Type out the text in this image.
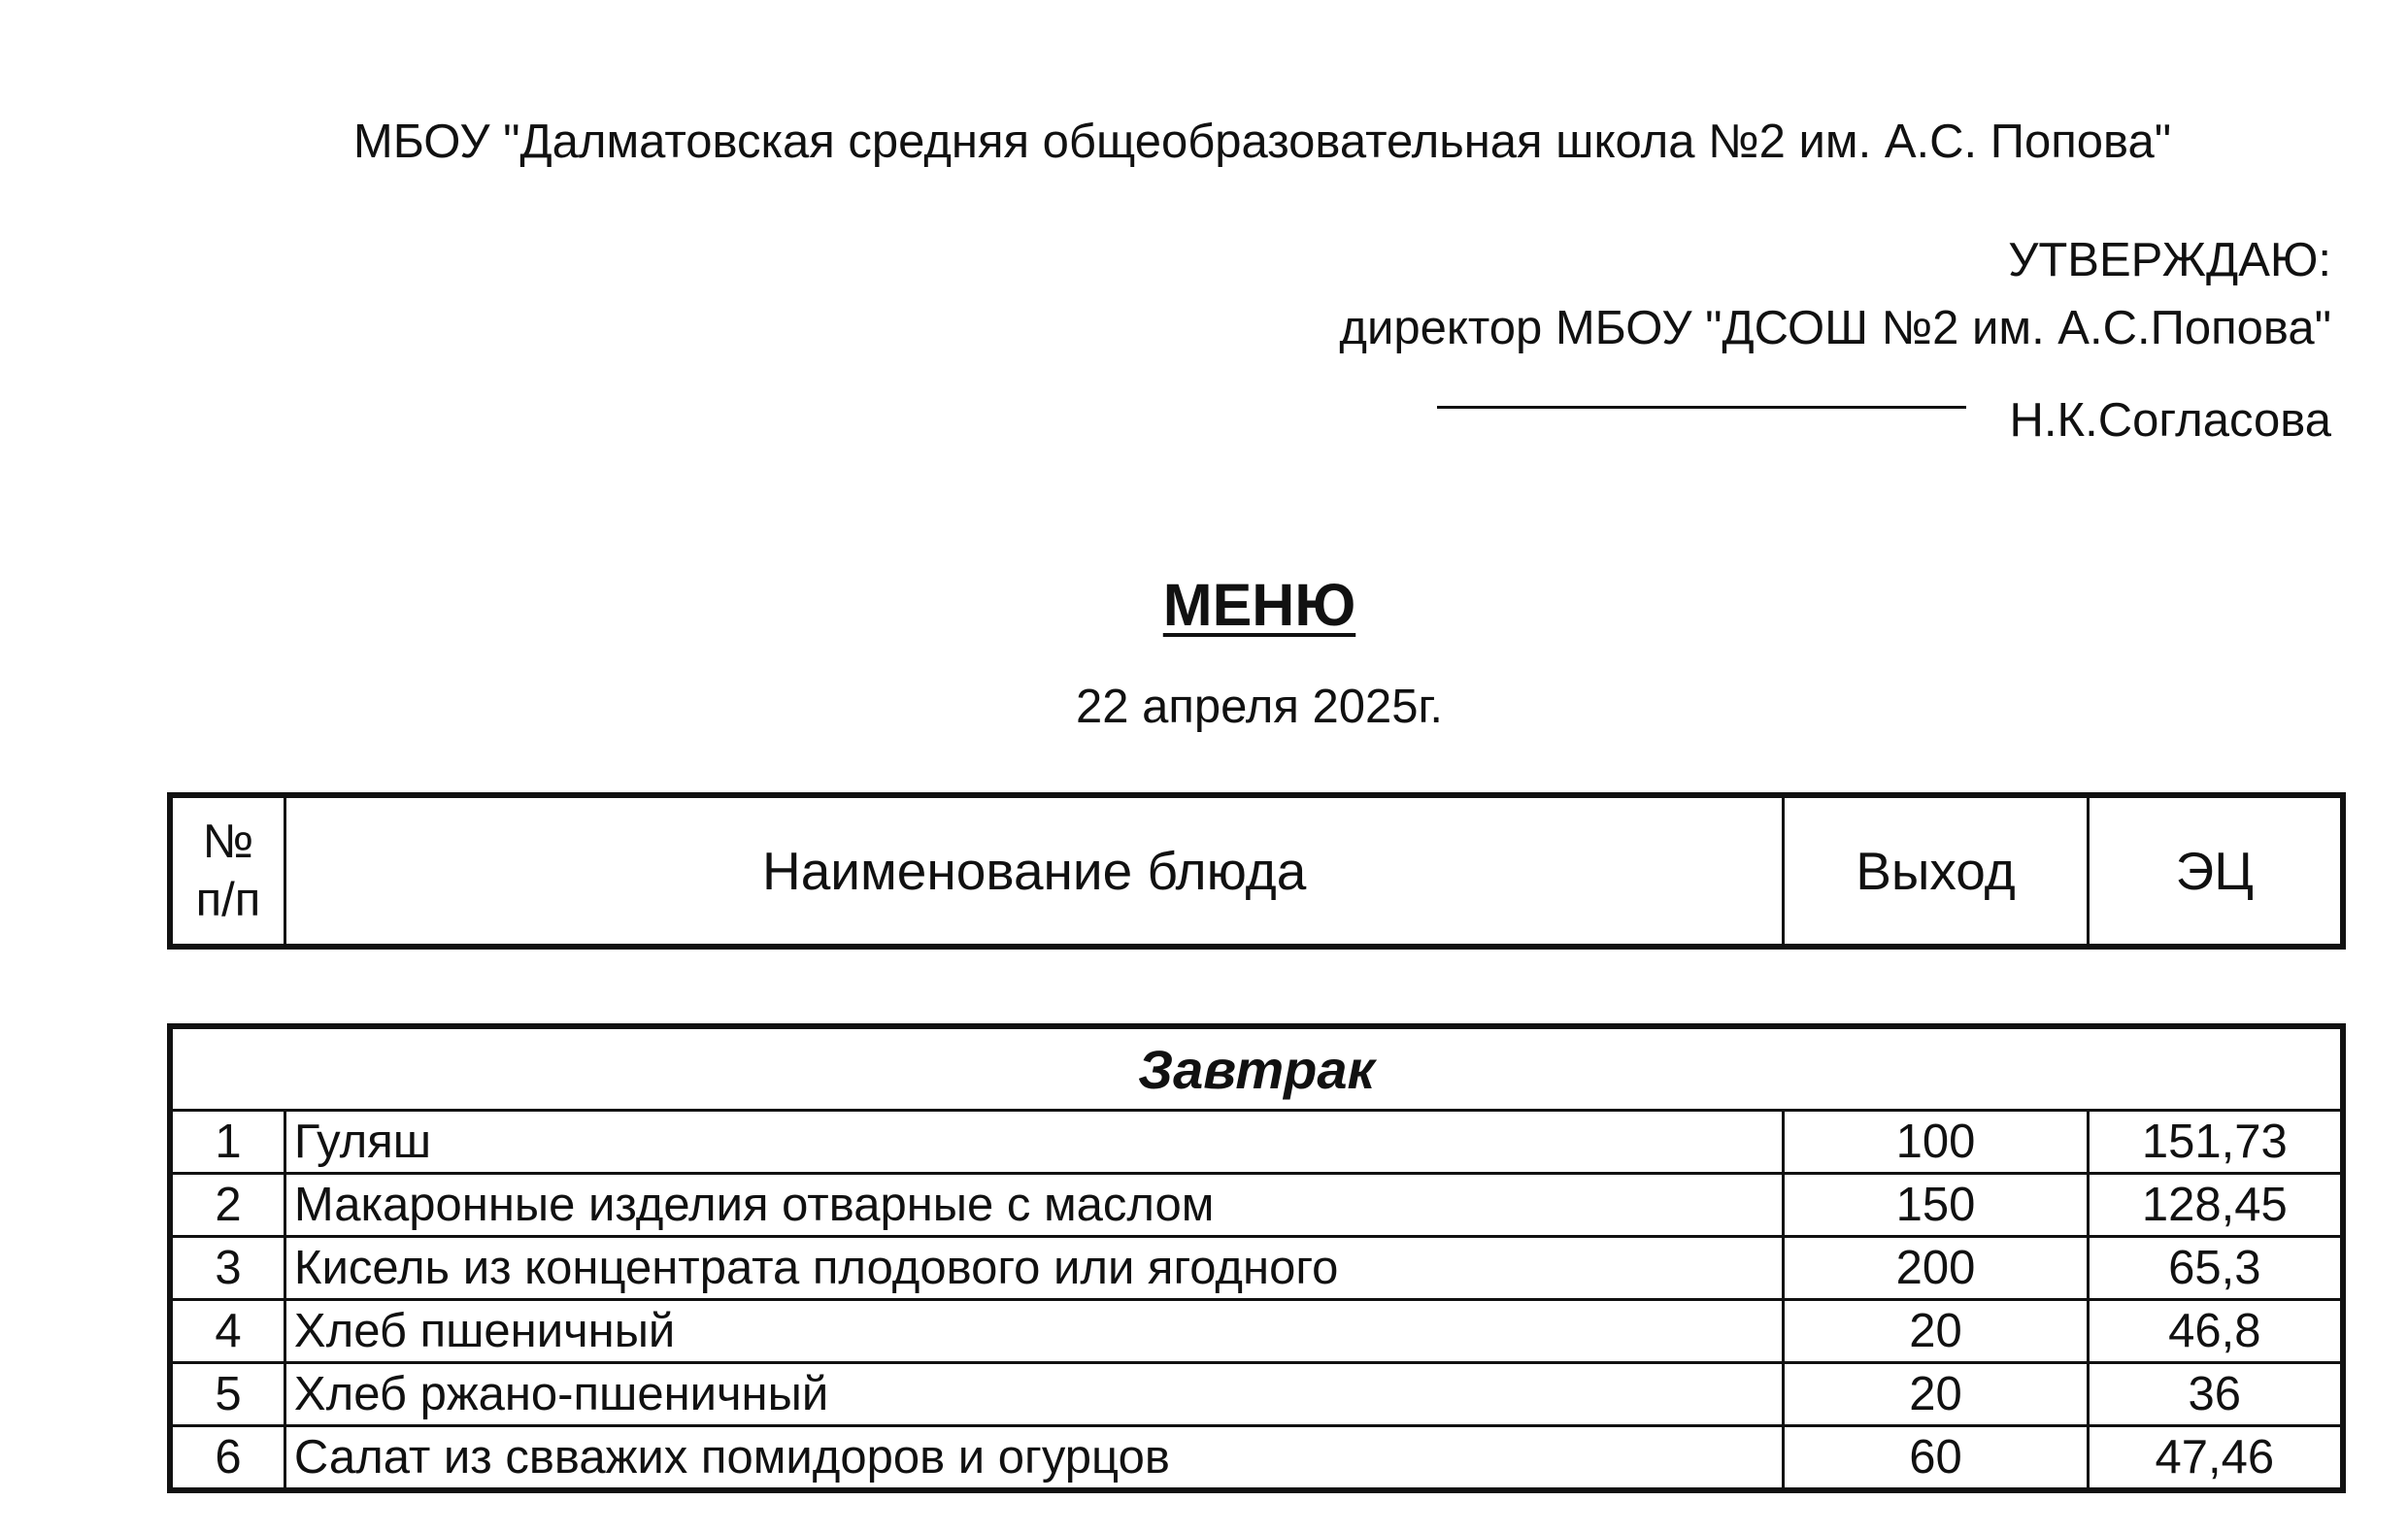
МБОУ "Далматовская средняя общеобразовательная школа №2 им. А.С. Попова"
УТВЕРЖДАЮ:
директор МБОУ "ДСОШ №2 им. А.С.Попова"
Н.К.Согласова
МЕНЮ
22 апреля 2025г.
№
п/п	Наименование блюда	Выход	ЭЦ
Завтрак			
1	Гуляш	100	151,73
2	Макаронные изделия отварные с маслом	150	128,45
3	Кисель из концентрата плодового или ягодного	200	65,3
4	Хлеб пшеничный	20	46,8
5	Хлеб ржано-пшеничный	20	36
6	Салат из свважих помидоров и огурцов	60	47,46
